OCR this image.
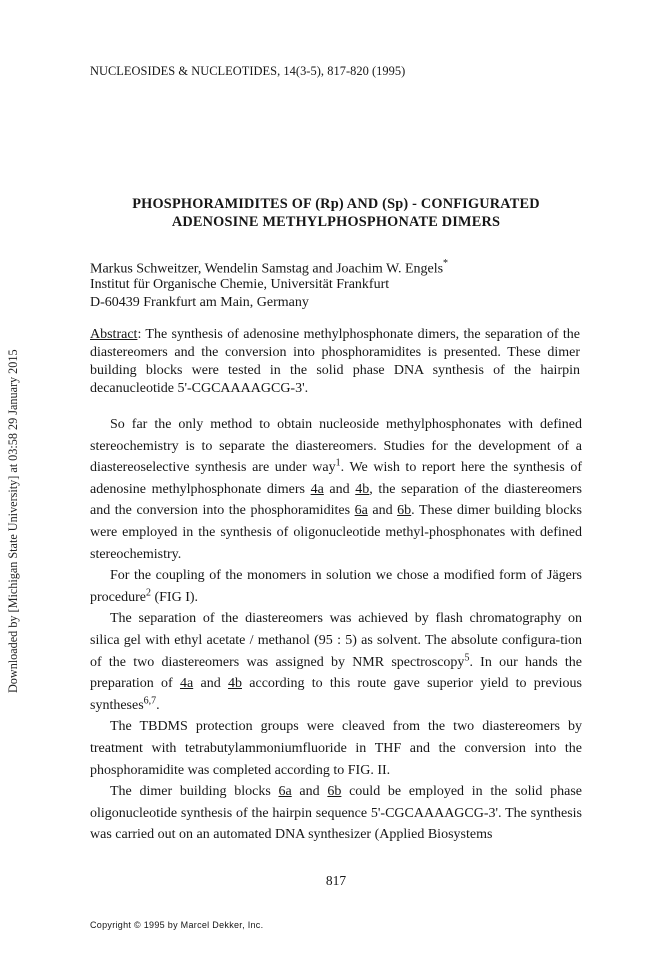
NUCLEOSIDES & NUCLEOTIDES, 14(3-5), 817-820 (1995)
Downloaded by [Michigan State University] at 03:58 29 January 2015
PHOSPHORAMIDITES OF (Rp) AND (Sp) - CONFIGURATED
ADENOSINE METHYLPHOSPHONATE DIMERS
Markus Schweitzer, Wendelin Samstag and Joachim W. Engels*
Institut für Organische Chemie, Universität Frankfurt
D-60439 Frankfurt am Main, Germany
Abstract: The synthesis of adenosine methylphosphonate dimers, the separation of the diastereomers and the conversion into phosphoramidites is presented. These dimer building blocks were tested in the solid phase DNA synthesis of the hairpin decanucleotide 5'-CGCAAAAGCG-3'.

So far the only method to obtain nucleoside methylphosphonates with defined stereochemistry is to separate the diastereomers. Studies for the development of a diastereoselective synthesis are under way$^1$. We wish to report here the synthesis of adenosine methylphosphonate dimers 4a and 4b, the separation of the diastereomers and the conversion into the phosphoramidites 6a and 6b. These dimer building blocks were employed in the synthesis of oligonucleotide methyl-phosphonates with defined stereochemistry.

For the coupling of the monomers in solution we chose a modified form of Jägers procedure$^2$ (FIG I).

The separation of the diastereomers was achieved by flash chromatography on silica gel with ethyl acetate / methanol (95 : 5) as solvent. The absolute configura-tion of the two diastereomers was assigned by NMR spectroscopy$^5$. In our hands the preparation of 4a and 4b according to this route gave superior yield to previous syntheses$^{6,7}$.

The TBDMS protection groups were cleaved from the two diastereomers by treatment with tetrabutylammoniumfluoride in THF and the conversion into the phosphoramidite was completed according to FIG. II.

The dimer building blocks 6a and 6b could be employed in the solid phase oligonucleotide synthesis of the hairpin sequence 5'-CGCAAAAGCG-3'. The synthesis was carried out on an automated DNA synthesizer (Applied Biosystems

817
Copyright © 1995 by Marcel Dekker, Inc.
